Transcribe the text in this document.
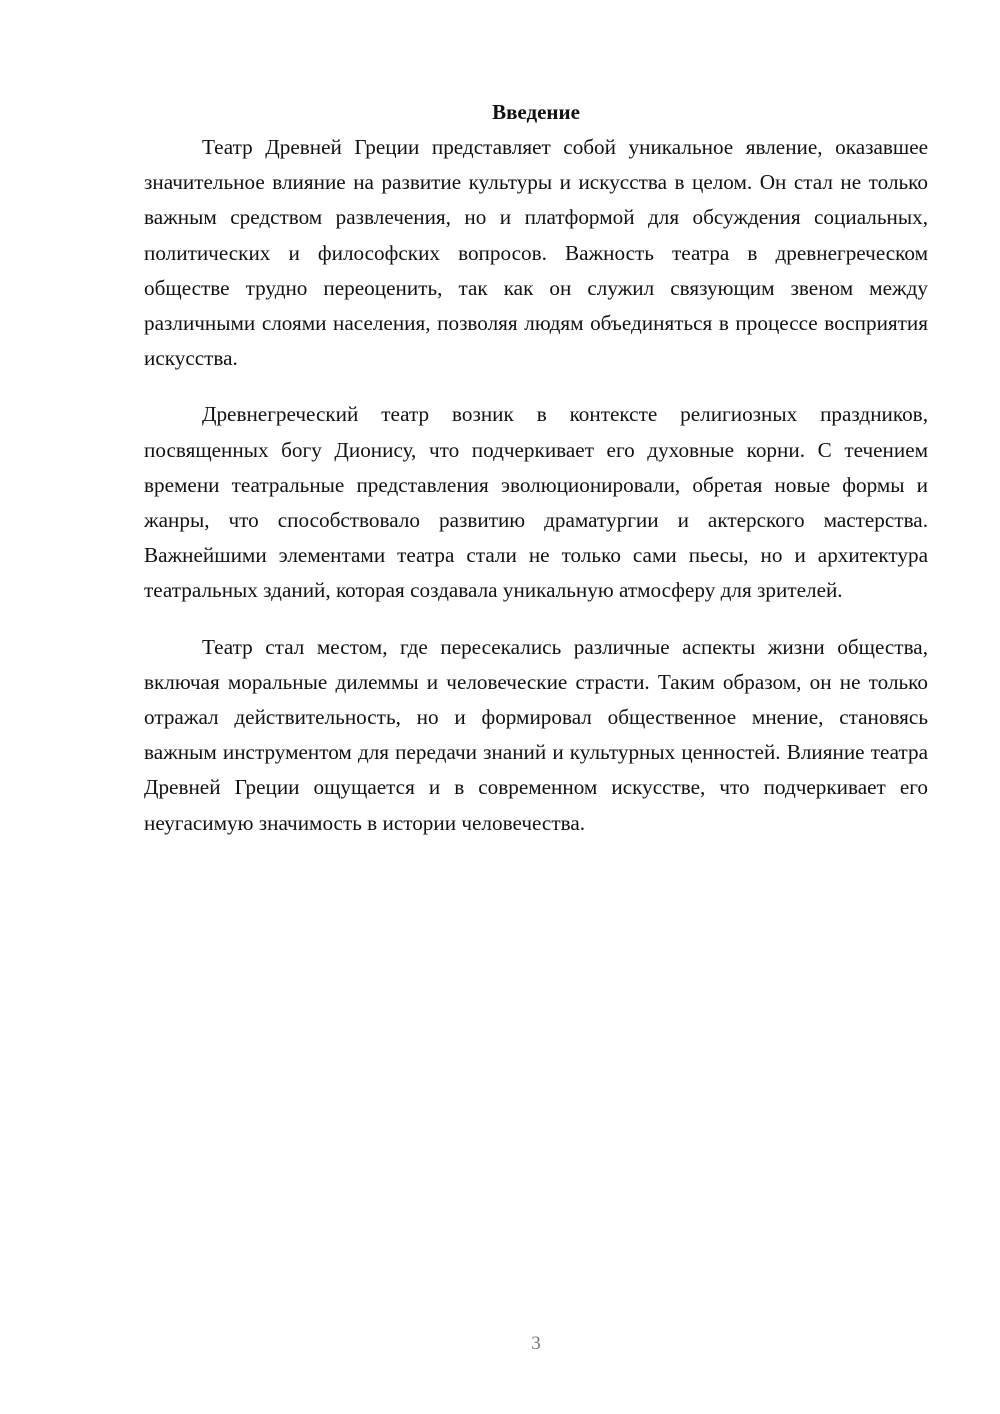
Введение

Театр Древней Греции представляет собой уникальное явление, оказавшее значительное влияние на развитие культуры и искусства в целом. Он стал не только важным средством развлечения, но и платформой для обсуждения социальных, политических и философских вопросов. Важность театра в древнегреческом обществе трудно переоценить, так как он служил связующим звеном между различными слоями населения, позволяя людям объединяться в процессе восприятия искусства.

Древнегреческий театр возник в контексте религиозных праздников, посвященных богу Дионису, что подчеркивает его духовные корни. С течением времени театральные представления эволюционировали, обретая новые формы и жанры, что способствовало развитию драматургии и актерского мастерства. Важнейшими элементами театра стали не только сами пьесы, но и архитектура театральных зданий, которая создавала уникальную атмосферу для зрителей.

Театр стал местом, где пересекались различные аспекты жизни общества, включая моральные дилеммы и человеческие страсти. Таким образом, он не только отражал действительность, но и формировал общественное мнение, становясь важным инструментом для передачи знаний и культурных ценностей. Влияние театра Древней Греции ощущается и в современном искусстве, что подчеркивает его неугасимую значимость в истории человечества.

3
